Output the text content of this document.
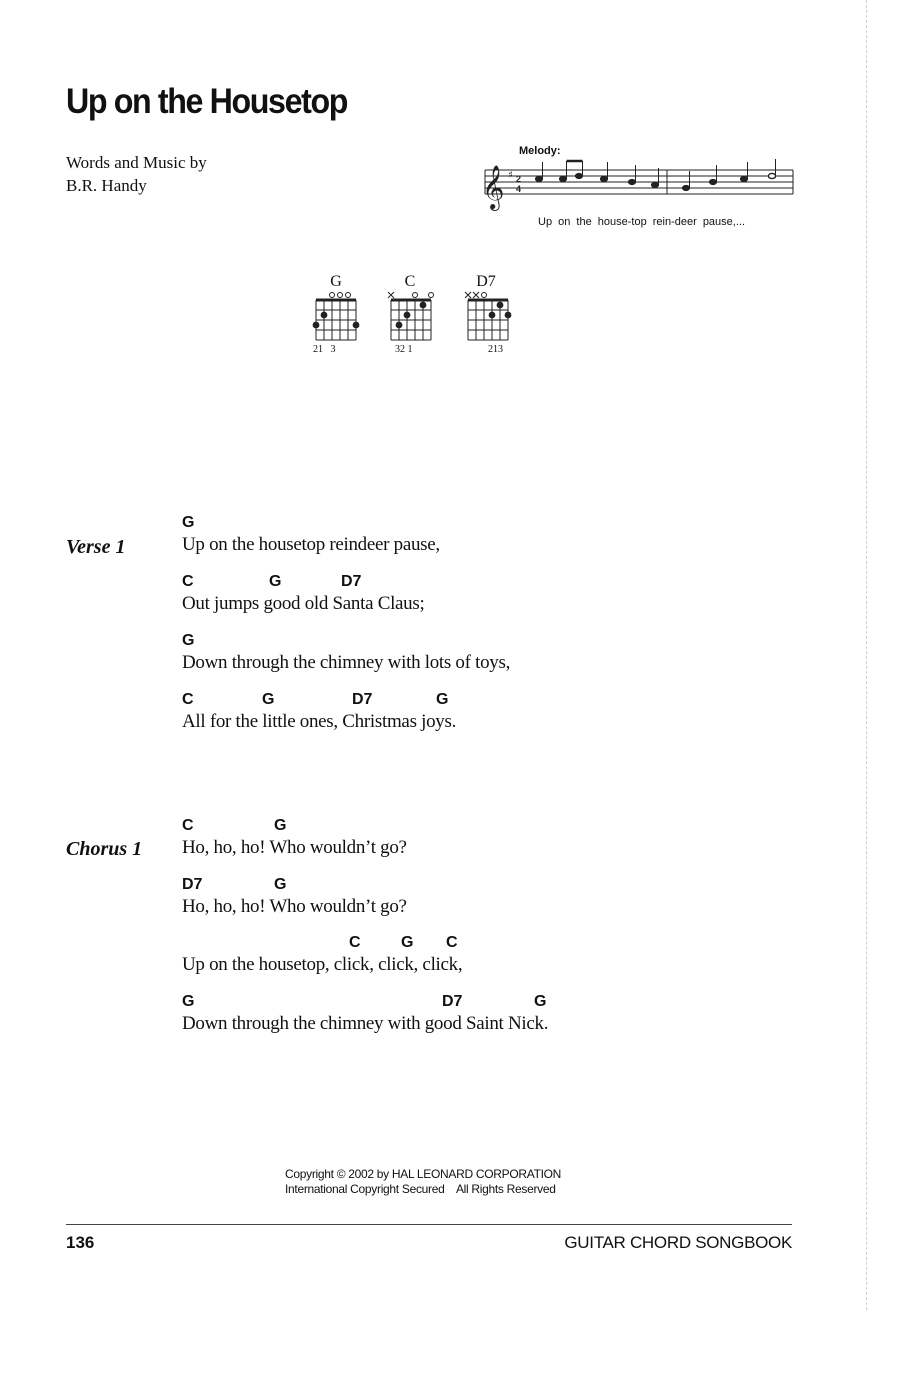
Up on the Housetop
Words and Music by
B.R. Handy
Melody:
𝄞 ♯ 2
4
Up on the house-top rein-deer pause,...
G
21   3
C
32 1
D7
213
Verse 1
G
Up on the housetop reindeer pause,
C	G	D7
Out jumps good old Santa Claus;
G
Down through the chimney with lots of toys,
C	G	D7	G
All for the little ones, Christmas joys.
Chorus 1
C	G
Ho, ho, ho! Who wouldn’t go?
D7	G
Ho, ho, ho! Who wouldn’t go?
C	G C
Up on the housetop, click, click, click,
G	D7	G
Down through the chimney with good Saint Nick.
Copyright © 2002 by HAL LEONARD CORPORATION
International Copyright Secured    All Rights Reserved
136	GUITAR CHORD SONGBOOK
